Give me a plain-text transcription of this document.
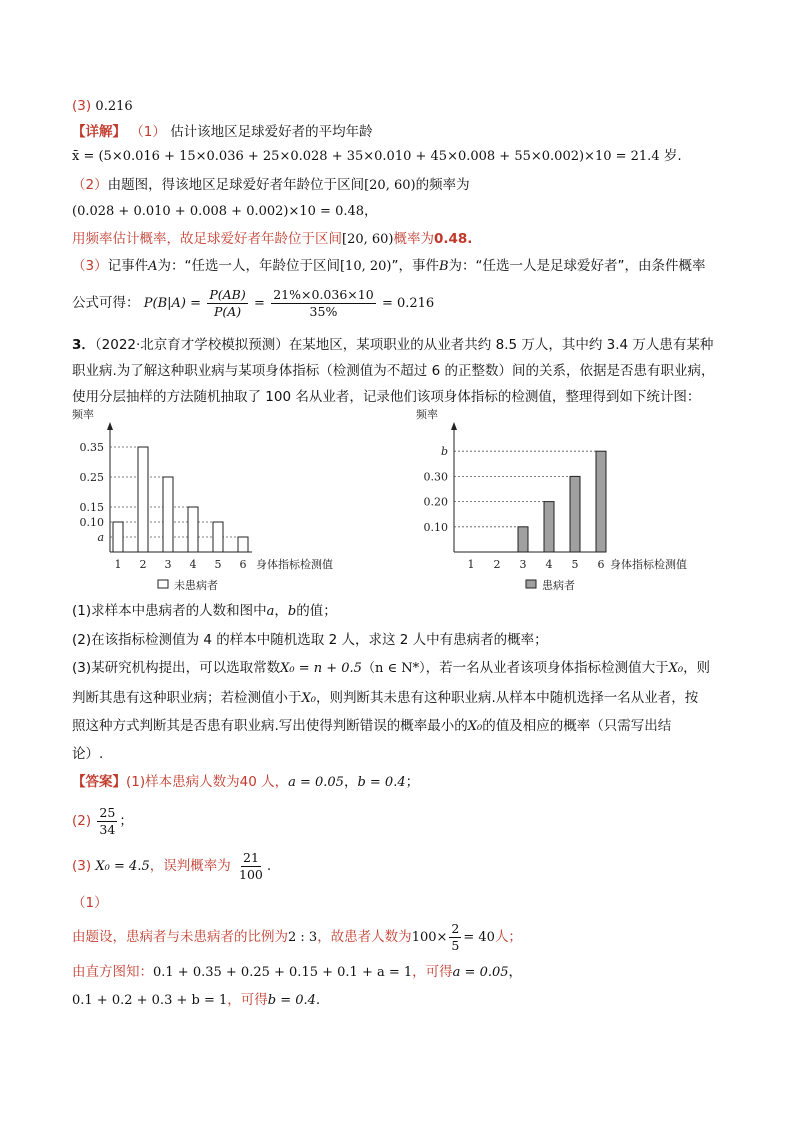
(3) 0.216
【详解】 （1） 估计该地区足球爱好者的平均年龄
x̄ = (5×0.016 + 15×0.036 + 25×0.028 + 35×0.010 + 45×0.008 + 55×0.002)×10 = 21.4 岁.
（2）由题图，得该地区足球爱好者年龄位于区间[20, 60)的频率为
(0.028 + 0.010 + 0.008 + 0.002)×10 = 0.48，
用频率估计概率，故足球爱好者年龄位于区间[20, 60)概率为0.48.
（3）记事件A为：“任选一人，年龄位于区间[10, 20)”，事件B为：“任选一人是足球爱好者”，由条件概率
公式可得： $P(B|A) = \frac{P(AB)}{P(A)} = \frac{21\%\times 0.036\times 10}{35\%} = 0.216$
3．（2022·北京育才学校模拟预测）在某地区，某项职业的从业者共约 8.5 万人，其中约 3.4 万人患有某种
职业病.为了解这种职业病与某项身体指标（检测值为不超过 6 的正整数）间的关系，依据是否患有职业病，
使用分层抽样的方法随机抽取了 100 名从业者，记录他们该项身体指标的检测值，整理得到如下统计图：
频率
a
0.10
0.15
0.25
0.35
1 2 3 4 5 6 身体指标检测值
未患病者
频率
0.10
0.20
0.30
b
1 2 3 4 5 6 身体指标检测值
患病者
(1)求样本中患病者的人数和图中a，b的值；
(2)在该指标检测值为 4 的样本中随机选取 2 人，求这 2 人中有患病者的概率；
(3)某研究机构提出，可以选取常数X₀ = n + 0.5（n ∈ N*），若一名从业者该项身体指标检测值大于X₀，则
判断其患有这种职业病；若检测值小于X₀，则判断其未患有这种职业病.从样本中随机选择一名从业者，按
照这种方式判断其是否患有职业病.写出使得判断错误的概率最小的X₀的值及相应的概率（只需写出结
论）.
【答案】(1)样本患病人数为40 人，a = 0.05，b = 0.4；
$(2) \frac{25}{34}$ ；
(3) X₀ = 4.5，误判概率为 $\frac{21}{100}$ .
（1）
由题设，患病者与未患病者的比例为2 : 3，故患者人数为$100\times \frac{2}{5} = 40$人；
由直方图知：0.1 + 0.35 + 0.25 + 0.15 + 0.1 + a = 1，可得a = 0.05，
0.1 + 0.2 + 0.3 + b = 1，可得b = 0.4.
